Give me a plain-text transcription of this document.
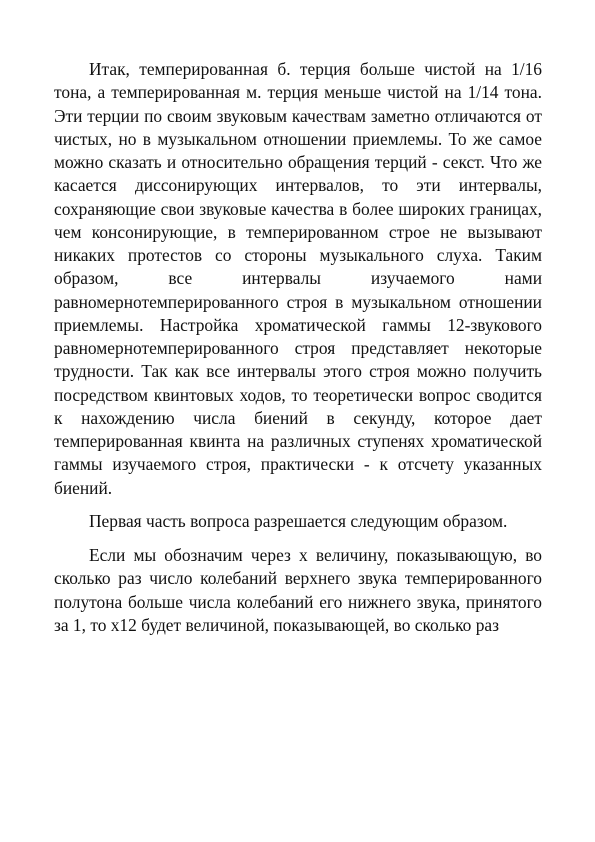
Итак, темперированная б. терция больше чистой на 1/16 тона, а темперированная м. терция меньше чистой на 1/14 тона. Эти терции по своим звуковым качествам заметно отличаются от чистых, но в музыкальном отношении приемлемы. То же самое можно сказать и относительно обращения терций - секст. Что же касается диссонирующих интервалов, то эти интервалы, сохраняющие свои звуковые качества в более широких границах, чем консонирующие, в темперированном строе не вызывают никаких протестов со стороны музыкального слуха. Таким образом, все интервалы изучаемого нами равномернотемперированного строя в музыкальном отношении приемлемы. Настройка хроматической гаммы 12-звукового равномернотемперированного строя представляет некоторые трудности. Так как все интервалы этого строя можно получить посредством квинтовых ходов, то теоретически вопрос сводится к нахождению числа биений в секунду, которое дает темперированная квинта на различных ступенях хроматической гаммы изучаемого строя, практически - к отсчету указанных биений.

Первая часть вопроса разрешается следующим образом.

Если мы обозначим через x величину, показывающую, во сколько раз число колебаний верхнего звука темперированного полутона больше числа колебаний его нижнего звука, принятого за 1, то x12 будет величиной, показывающей, во сколько раз
